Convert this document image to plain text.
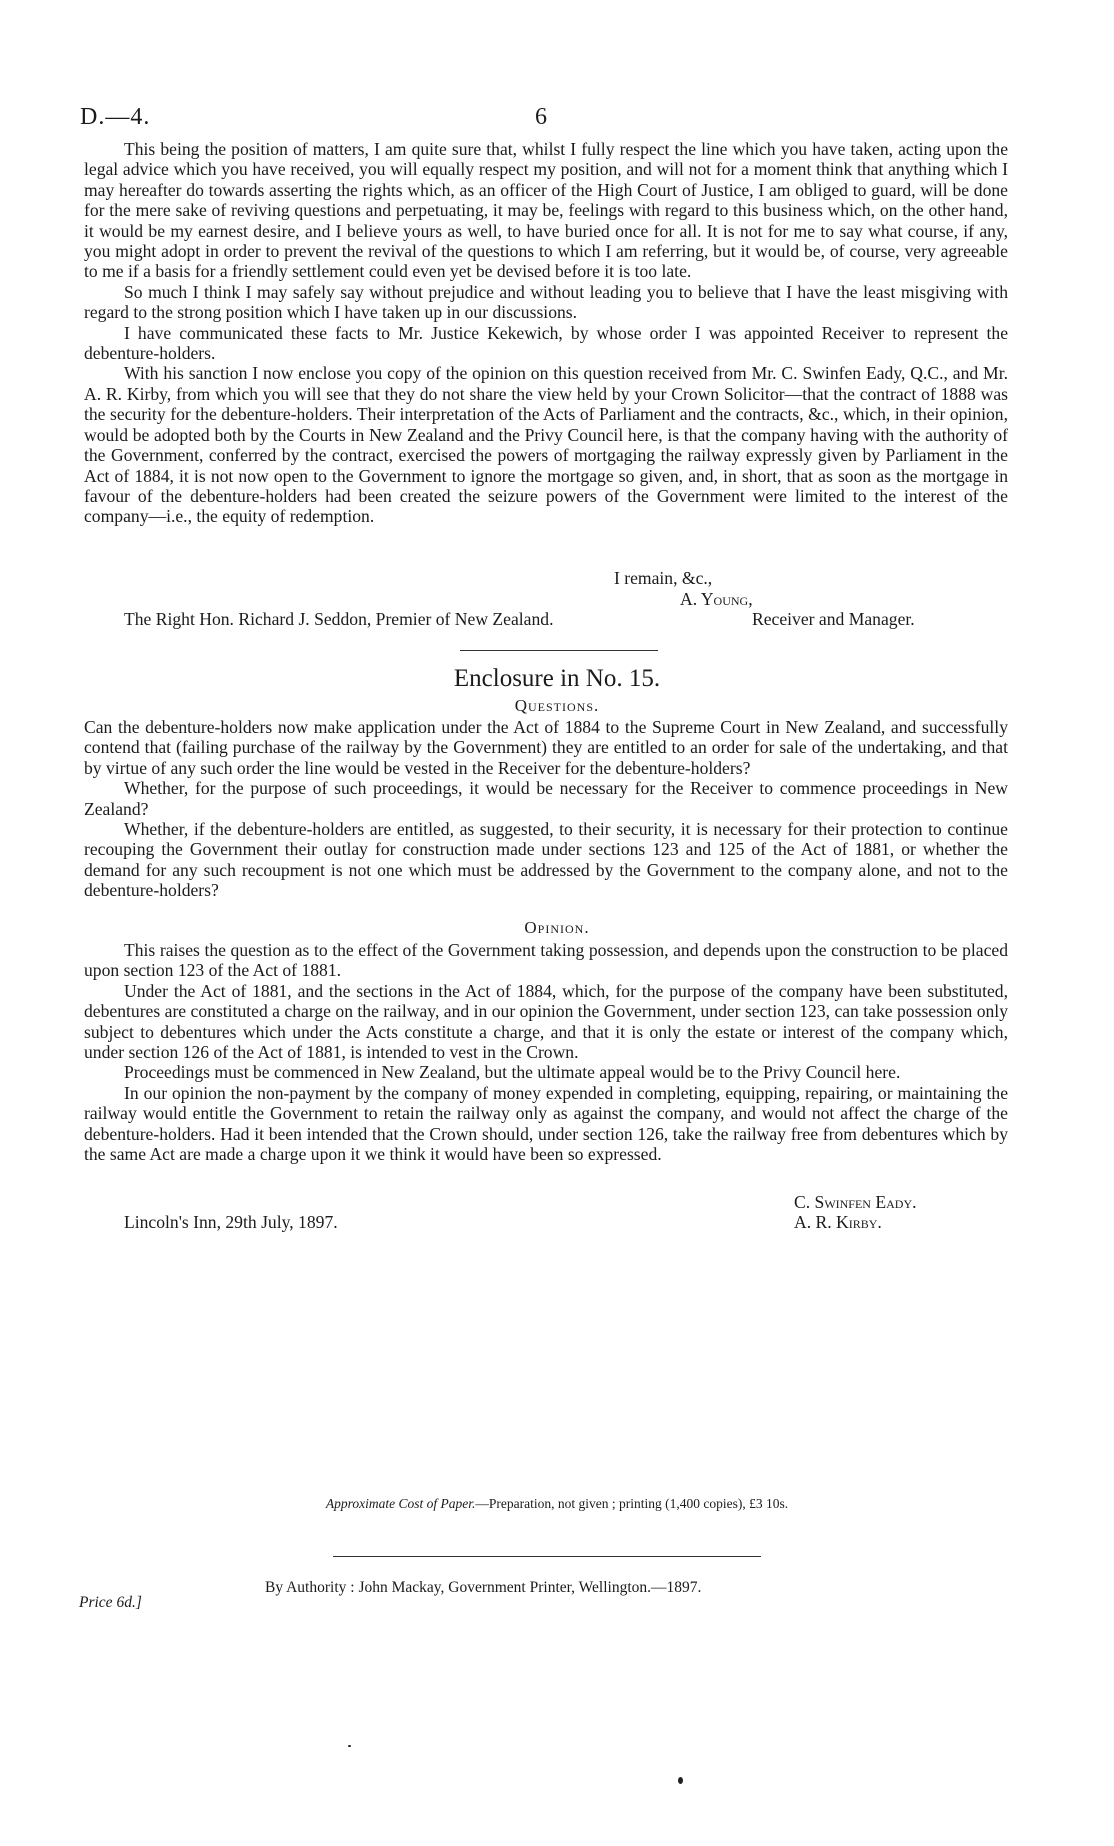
D.—4.	6

This being the position of matters, I am quite sure that, whilst I fully respect the line which you have taken, acting upon the legal advice which you have received, you will equally respect my position, and will not for a moment think that anything which I may hereafter do towards asserting the rights which, as an officer of the High Court of Justice, I am obliged to guard, will be done for the mere sake of reviving questions and perpetuating, it may be, feelings with regard to this business which, on the other hand, it would be my earnest desire, and I believe yours as well, to have buried once for all. It is not for me to say what course, if any, you might adopt in order to prevent the revival of the questions to which I am referring, but it would be, of course, very agreeable to me if a basis for a friendly settlement could even yet be devised before it is too late.

So much I think I may safely say without prejudice and without leading you to believe that I have the least misgiving with regard to the strong position which I have taken up in our discussions.

I have communicated these facts to Mr. Justice Kekewich, by whose order I was appointed Receiver to represent the debenture-holders.

With his sanction I now enclose you copy of the opinion on this question received from Mr. C. Swinfen Eady, Q.C., and Mr. A. R. Kirby, from which you will see that they do not share the view held by your Crown Solicitor—that the contract of 1888 was the security for the debenture-holders. Their interpretation of the Acts of Parliament and the contracts, &c., which, in their opinion, would be adopted both by the Courts in New Zealand and the Privy Council here, is that the company having with the authority of the Government, conferred by the contract, exercised the powers of mortgaging the railway expressly given by Parliament in the Act of 1884, it is not now open to the Government to ignore the mortgage so given, and, in short, that as soon as the mortgage in favour of the debenture-holders had been created the seizure powers of the Government were limited to the interest of the company—i.e., the equity of redemption.

I remain, &c.,
A. Young,
The Right Hon. Richard J. Seddon, Premier of New Zealand.	Receiver and Manager.
Enclosure in No. 15.
Questions.

Can the debenture-holders now make application under the Act of 1884 to the Supreme Court in New Zealand, and successfully contend that (failing purchase of the railway by the Government) they are entitled to an order for sale of the undertaking, and that by virtue of any such order the line would be vested in the Receiver for the debenture-holders?

Whether, for the purpose of such proceedings, it would be necessary for the Receiver to commence proceedings in New Zealand?

Whether, if the debenture-holders are entitled, as suggested, to their security, it is necessary for their protection to continue recouping the Government their outlay for construction made under sections 123 and 125 of the Act of 1881, or whether the demand for any such recoupment is not one which must be addressed by the Government to the company alone, and not to the debenture-holders?

Opinion.

This raises the question as to the effect of the Government taking possession, and depends upon the construction to be placed upon section 123 of the Act of 1881.

Under the Act of 1881, and the sections in the Act of 1884, which, for the purpose of the company have been substituted, debentures are constituted a charge on the railway, and in our opinion the Government, under section 123, can take possession only subject to debentures which under the Acts constitute a charge, and that it is only the estate or interest of the company which, under section 126 of the Act of 1881, is intended to vest in the Crown.

Proceedings must be commenced in New Zealand, but the ultimate appeal would be to the Privy Council here.

In our opinion the non-payment by the company of money expended in completing, equipping, repairing, or maintaining the railway would entitle the Government to retain the railway only as against the company, and would not affect the charge of the debenture-holders. Had it been intended that the Crown should, under section 126, take the railway free from debentures which by the same Act are made a charge upon it we think it would have been so expressed.

C. Swinfen Eady.
A. R. Kirby.
Lincoln's Inn, 29th July, 1897.
Approximate Cost of Paper.—Preparation, not given ; printing (1,400 copies), £3 10s.
By Authority : John Mackay, Government Printer, Wellington.—1897.
Price 6d.]
